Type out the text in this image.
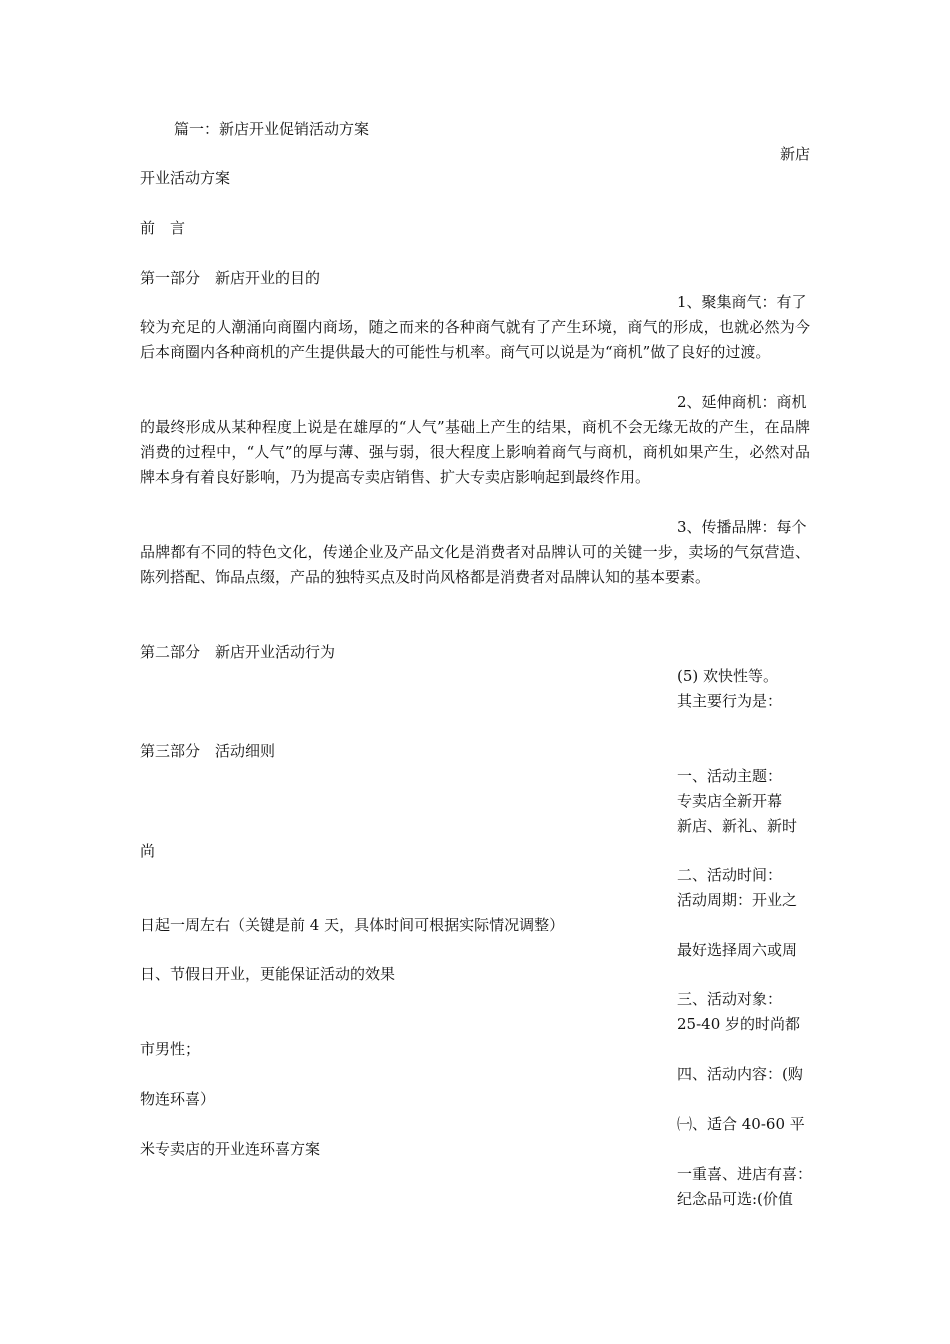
篇一：新店开业促销活动方案
新店
开业活动方案
前　言
第一部分　新店开业的目的
1、聚集商气：有了
较为充足的人潮涌向商圈内商场，随之而来的各种商气就有了产生环境，商气的形成，也就必然为今后本商圈内各种商机的产生提供最大的可能性与机率。商气可以说是为“商机”做了良好的过渡。
2、延伸商机：商机
的最终形成从某种程度上说是在雄厚的“人气”基础上产生的结果，商机不会无缘无故的产生，在品牌消费的过程中，“人气”的厚与薄、强与弱，很大程度上影响着商气与商机，商机如果产生，必然对品牌本身有着良好影响，乃为提高专卖店销售、扩大专卖店影响起到最终作用。
3、传播品牌：每个
品牌都有不同的特色文化，传递企业及产品文化是消费者对品牌认可的关键一步，卖场的气氛营造、陈列搭配、饰品点缀，产品的独特买点及时尚风格都是消费者对品牌认知的基本要素。
第二部分　新店开业活动行为
(5) 欢快性等。
其主要行为是：
第三部分　活动细则
一、活动主题：
专卖店全新开幕
新店、新礼、新时
尚
二、活动时间：
活动周期：开业之
日起一周左右（关键是前 4 天，具体时间可根据实际情况调整）
最好选择周六或周
日、节假日开业，更能保证活动的效果
三、活动对象：
25-40 岁的时尚都
市男性；
四、活动内容：(购
物连环喜）
㈠、适合 40-60 平
米专卖店的开业连环喜方案
一重喜、进店有喜：
纪念品可选:(价值
